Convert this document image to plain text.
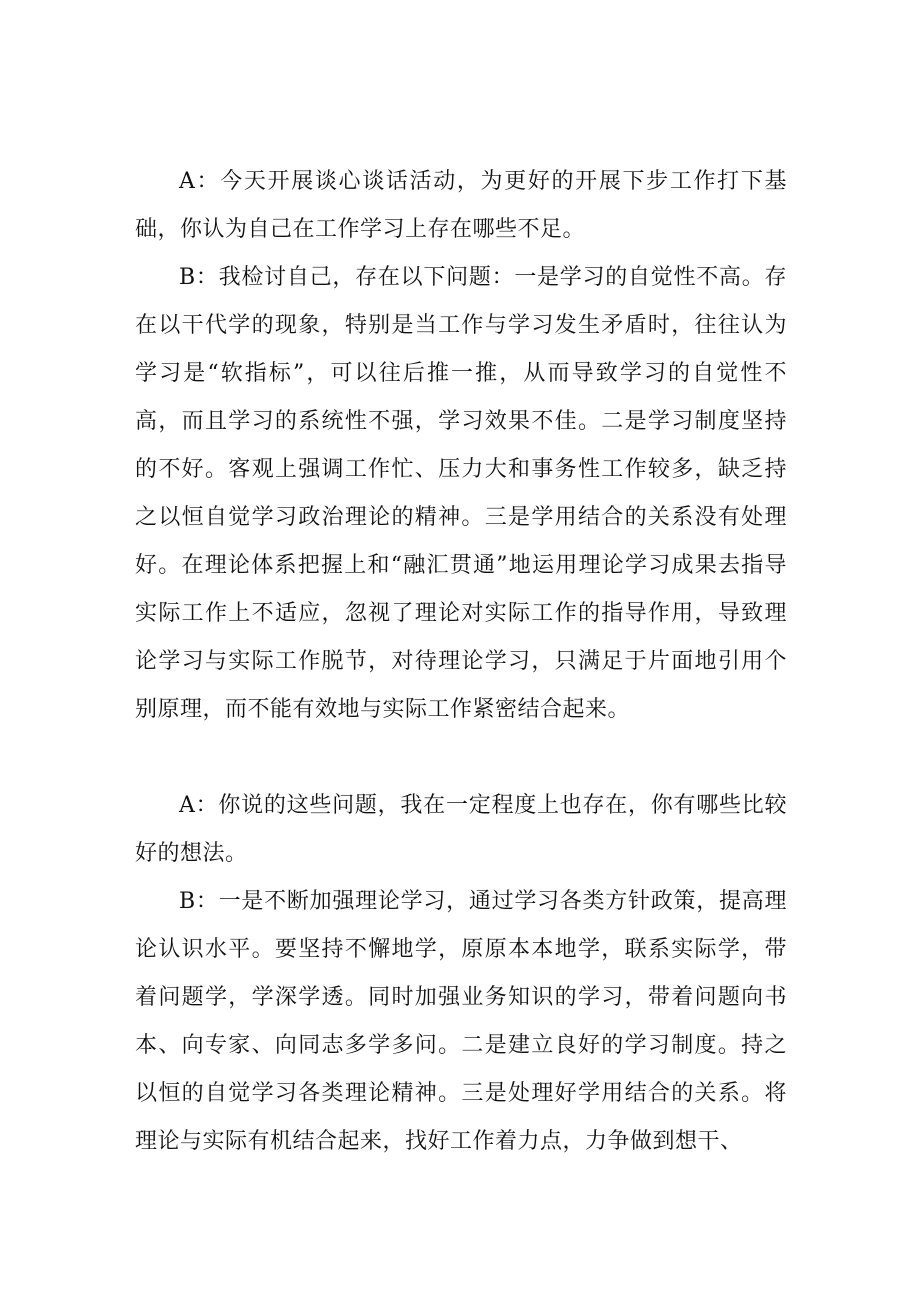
A：今天开展谈心谈话活动，为更好的开展下步工作打下基础，你认为自己在工作学习上存在哪些不足。

B：我检讨自己，存在以下问题：一是学习的自觉性不高。存在以干代学的现象，特别是当工作与学习发生矛盾时，往往认为学习是“软指标”，可以往后推一推，从而导致学习的自觉性不高，而且学习的系统性不强，学习效果不佳。二是学习制度坚持的不好。客观上强调工作忙、压力大和事务性工作较多，缺乏持之以恒自觉学习政治理论的精神。三是学用结合的关系没有处理好。在理论体系把握上和“融汇贯通”地运用理论学习成果去指导实际工作上不适应，忽视了理论对实际工作的指导作用，导致理论学习与实际工作脱节，对待理论学习，只满足于片面地引用个别原理，而不能有效地与实际工作紧密结合起来。

A：你说的这些问题，我在一定程度上也存在，你有哪些比较好的想法。

B：一是不断加强理论学习，通过学习各类方针政策，提高理论认识水平。要坚持不懈地学，原原本本地学，联系实际学，带着问题学，学深学透。同时加强业务知识的学习，带着问题向书本、向专家、向同志多学多问。二是建立良好的学习制度。持之以恒的自觉学习各类理论精神。三是处理好学用结合的关系。将理论与实际有机结合起来，找好工作着力点，力争做到想干、
